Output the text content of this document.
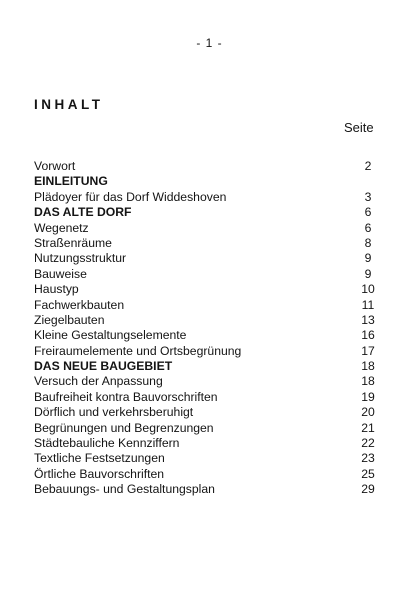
- 1 -
INHALT
Seite
Vorwort	2
EINLEITUNG
Plädoyer für das Dorf Widdeshoven	3
DAS ALTE DORF	6
Wegenetz	6
Straßenräume	8
Nutzungsstruktur	9
Bauweise	9
Haustyp	10
Fachwerkbauten	11
Ziegelbauten	13
Kleine Gestaltungselemente	16
Freiraumelemente und Ortsbegrünung	17
DAS NEUE BAUGEBIET	18
Versuch der Anpassung	18
Baufreiheit kontra Bauvorschriften	19
Dörflich und verkehrsberuhigt	20
Begrünungen und Begrenzungen	21
Städtebauliche Kennziffern	22
Textliche Festsetzungen	23
Örtliche Bauvorschriften	25
Bebauungs- und Gestaltungsplan	29
